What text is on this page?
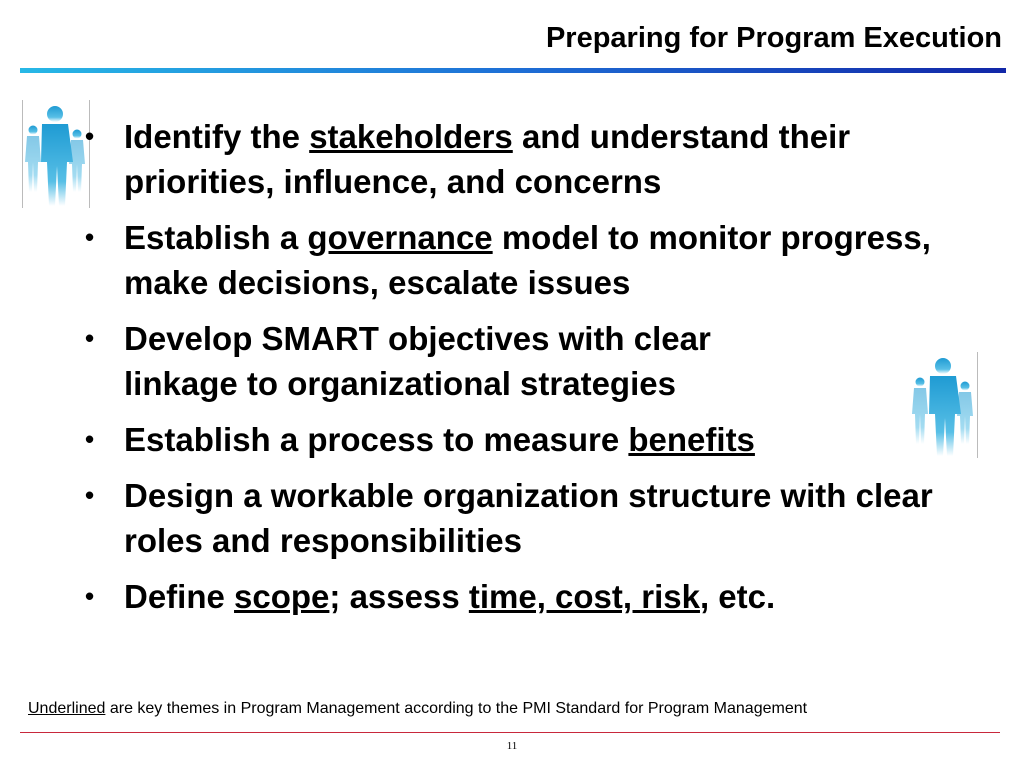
Preparing for Program Execution
• Identify the stakeholders and understand their priorities, influence, and concerns
• Establish a governance model to monitor progress, make decisions, escalate issues
• Develop SMART objectives with clear
linkage to organizational strategies
• Establish a process to measure benefits
• Design a workable organization structure with clear roles and responsibilities
• Define scope; assess time, cost, risk, etc.
Underlined are key themes in Program Management according to the PMI Standard for Program Management
11
